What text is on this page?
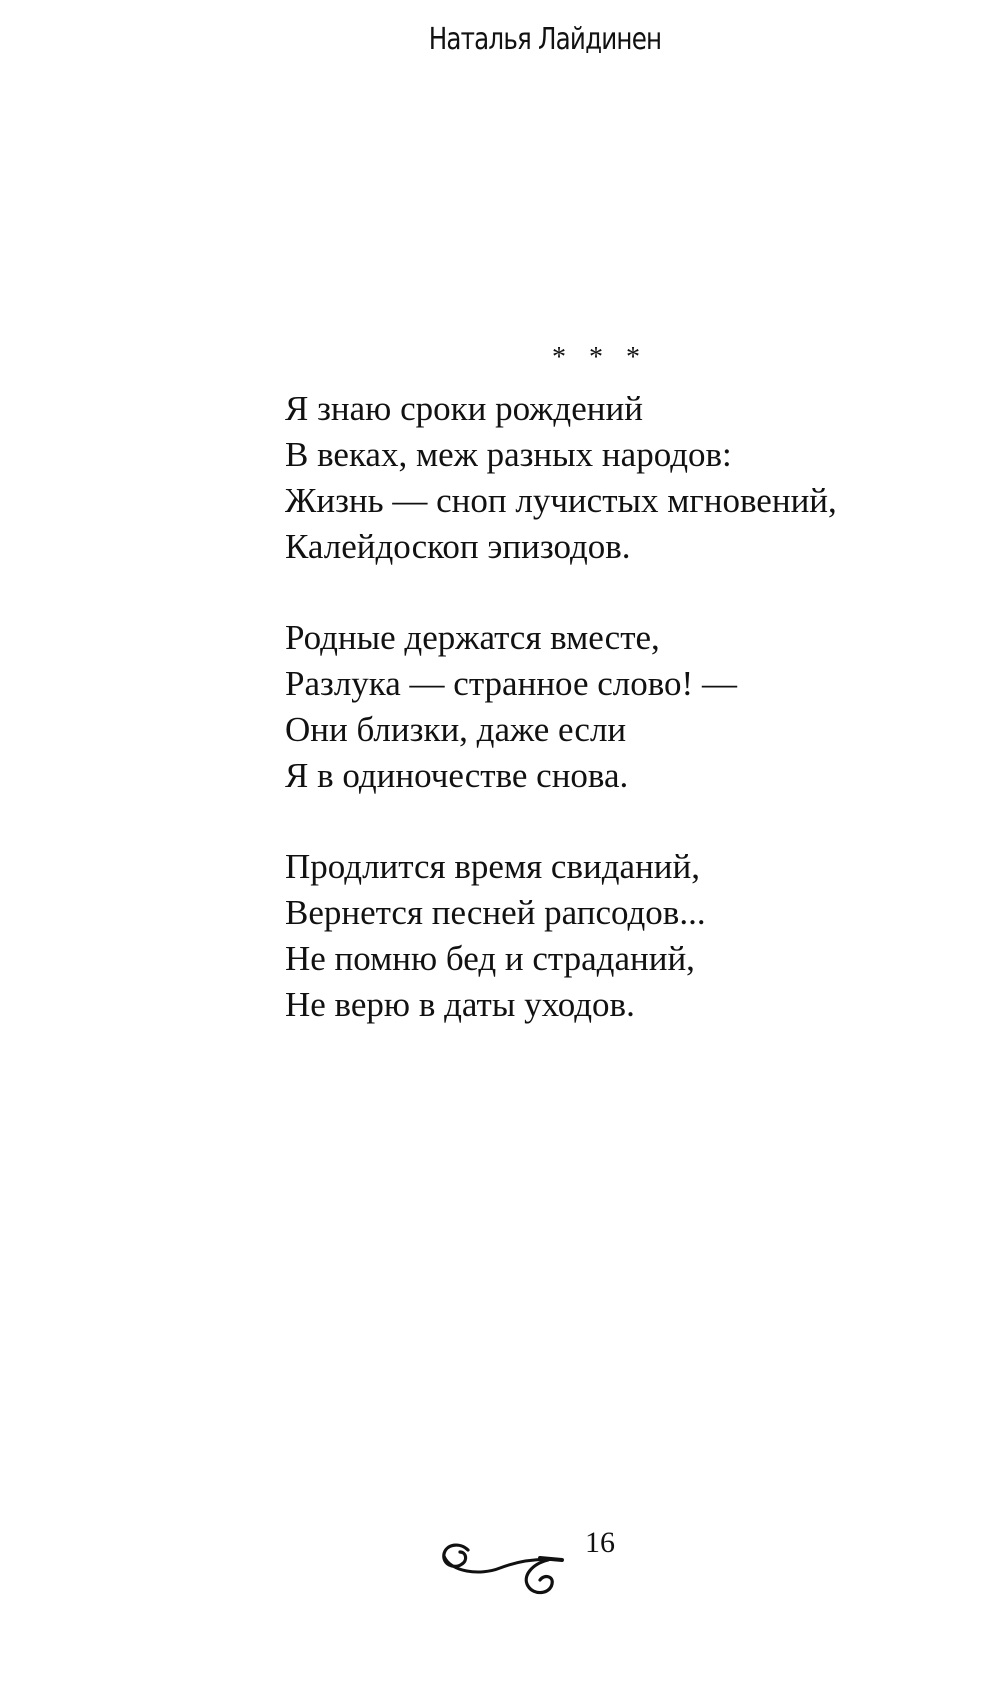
Наталья Лайдинен
* * *
Я знаю сроки рождений
В веках, меж разных народов:
Жизнь — сноп лучистых мгновений,
Калейдоскоп эпизодов.
Родные держатся вместе,
Разлука — странное слово! —
Они близки, даже если
Я в одиночестве снова.
Продлится время свиданий,
Вернется песней рапсодов...
Не помню бед и страданий,
Не верю в даты уходов.
16
